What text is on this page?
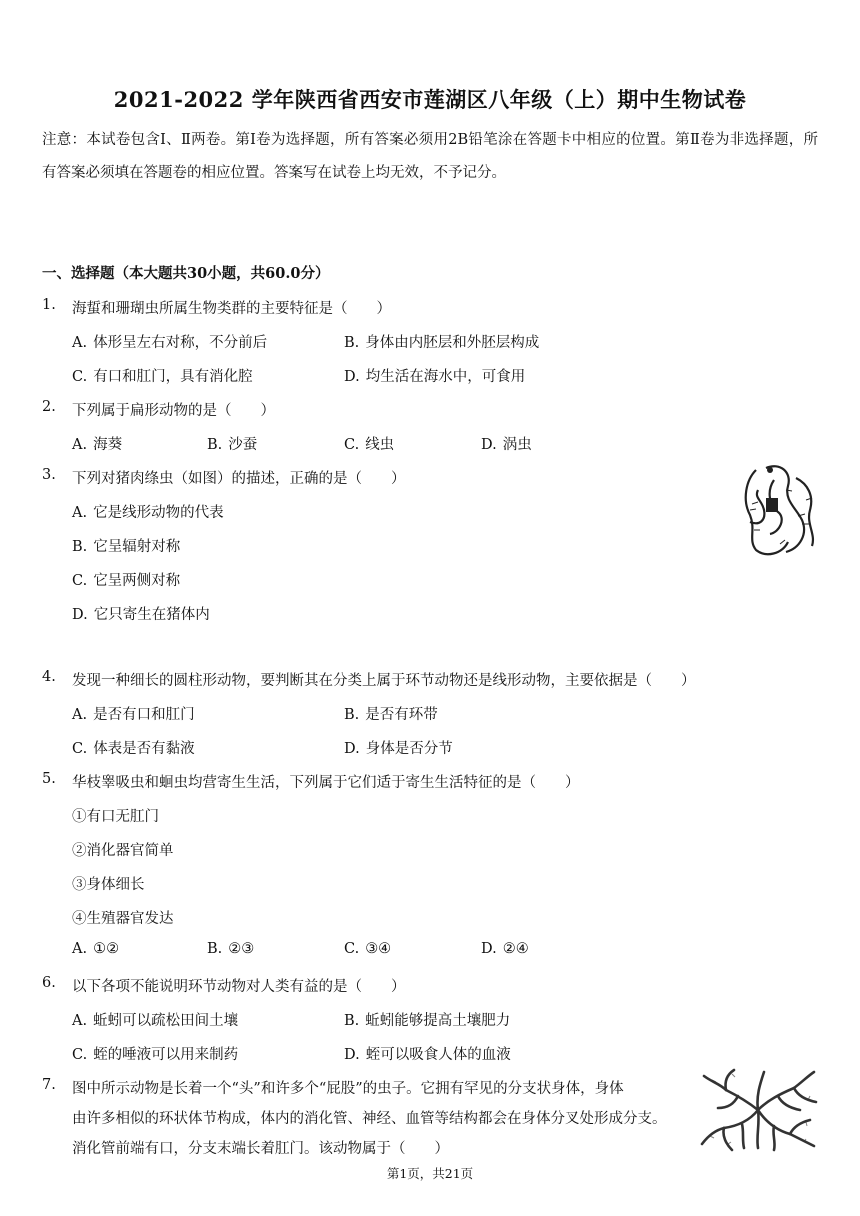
2021-2022 学年陕西省西安市莲湖区八年级（上）期中生物试卷
注意：本试卷包含Ⅰ、Ⅱ两卷。第Ⅰ卷为选择题，所有答案必须用2B铅笔涂在答题卡中相应的位置。第Ⅱ卷为非选择题，所有答案必须填在答题卷的相应位置。答案写在试卷上均无效，不予记分。
一、选择题（本大题共30小题，共60.0分）
1. 海蜇和珊瑚虫所属生物类群的主要特征是（　　）
A. 体形呈左右对称，不分前后	B. 身体由内胚层和外胚层构成
C. 有口和肛门，具有消化腔	D. 均生活在海水中，可食用
2. 下列属于扁形动物的是（　　）
A. 海葵	B. 沙蚕	C. 线虫	D. 涡虫
3. 下列对猪肉绦虫（如图）的描述，正确的是（　　）
A. 它是线形动物的代表
B. 它呈辐射对称
C. 它呈两侧对称
D. 它只寄生在猪体内
4. 发现一种细长的圆柱形动物，要判断其在分类上属于环节动物还是线形动物，主要依据是（　　）
A. 是否有口和肛门	B. 是否有环带
C. 体表是否有黏液	D. 身体是否分节
5. 华枝睾吸虫和蛔虫均营寄生生活，下列属于它们适于寄生生活特征的是（　　）
①有口无肛门
②消化器官简单
③身体细长
④生殖器官发达
A. ①②	B. ②③	C. ③④	D. ②④
6. 以下各项不能说明环节动物对人类有益的是（　　）
A. 蚯蚓可以疏松田间土壤	B. 蚯蚓能够提高土壤肥力
C. 蛭的唾液可以用来制药	D. 蛭可以吸食人体的血液
7. 图中所示动物是长着一个“头”和许多个“屁股”的虫子。它拥有罕见的分支状身体，身体
由许多相似的环状体节构成，体内的消化管、神经、血管等结构都会在身体分叉处形成分支。
消化管前端有口，分支末端长着肛门。该动物属于（　　）
第1页，共21页
